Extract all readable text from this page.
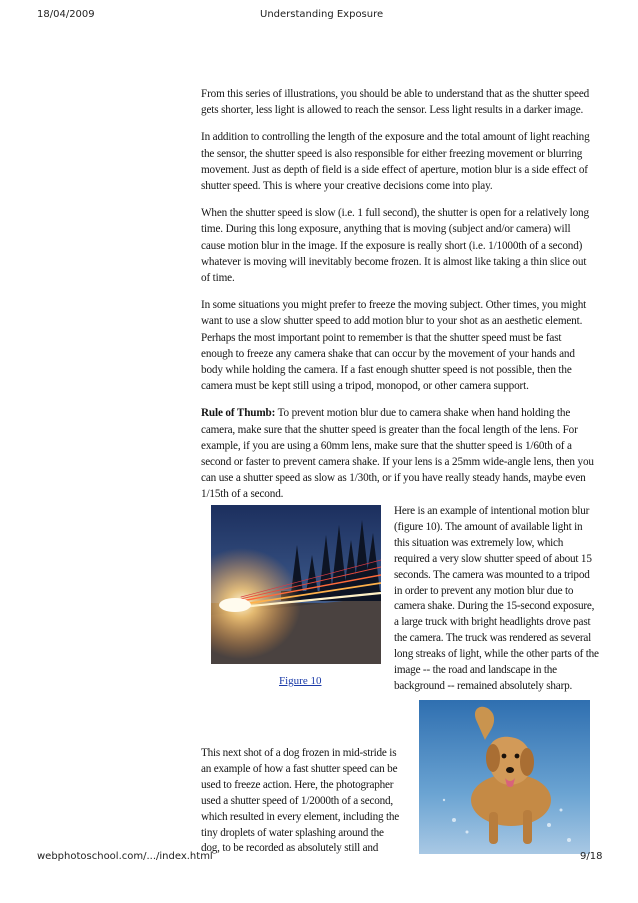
18/04/2009	Understanding Exposure

From this series of illustrations, you should be able to understand that as the shutter speed gets shorter, less light is allowed to reach the sensor. Less light results in a darker image.

In addition to controlling the length of the exposure and the total amount of light reaching the sensor, the shutter speed is also responsible for either freezing movement or blurring movement. Just as depth of field is a side effect of aperture, motion blur is a side effect of shutter speed. This is where your creative decisions come into play.

When the shutter speed is slow (i.e. 1 full second), the shutter is open for a relatively long time. During this long exposure, anything that is moving (subject and/or camera) will cause motion blur in the image. If the exposure is really short (i.e. 1/1000th of a second) whatever is moving will inevitably become frozen. It is almost like taking a thin slice out of time.

In some situations you might prefer to freeze the moving subject. Other times, you might want to use a slow shutter speed to add motion blur to your shot as an aesthetic element. Perhaps the most important point to remember is that the shutter speed must be fast enough to freeze any camera shake that can occur by the movement of your hands and body while holding the camera. If a fast enough shutter speed is not possible, then the camera must be kept still using a tripod, monopod, or other camera support.

Rule of Thumb: To prevent motion blur due to camera shake when hand holding the camera, make sure that the shutter speed is greater than the focal length of the lens. For example, if you are using a 60mm lens, make sure that the shutter speed is 1/60th of a second or faster to prevent camera shake. If your lens is a 25mm wide-angle lens, then you can use a shutter speed as slow as 1/30th, or if you have really steady hands, maybe even 1/15th of a second.

Figure 10
Here is an example of intentional motion blur (figure 10). The amount of available light in this situation was extremely low, which required a very slow shutter speed of about 15 seconds. The camera was mounted to a tripod in order to prevent any motion blur due to camera shake. During the 15-second exposure, a large truck with bright headlights drove past the camera. The truck was rendered as several long streaks of light, while the other parts of the image -- the road and landscape in the background -- remained absolutely sharp.
This next shot of a dog frozen in mid-stride is an example of how a fast shutter speed can be used to freeze action. Here, the photographer used a shutter speed of 1/2000th of a second, which resulted in every element, including the tiny droplets of water splashing around the dog, to be recorded as absolutely still and
webphotoschool.com/.../index.html	9/18
